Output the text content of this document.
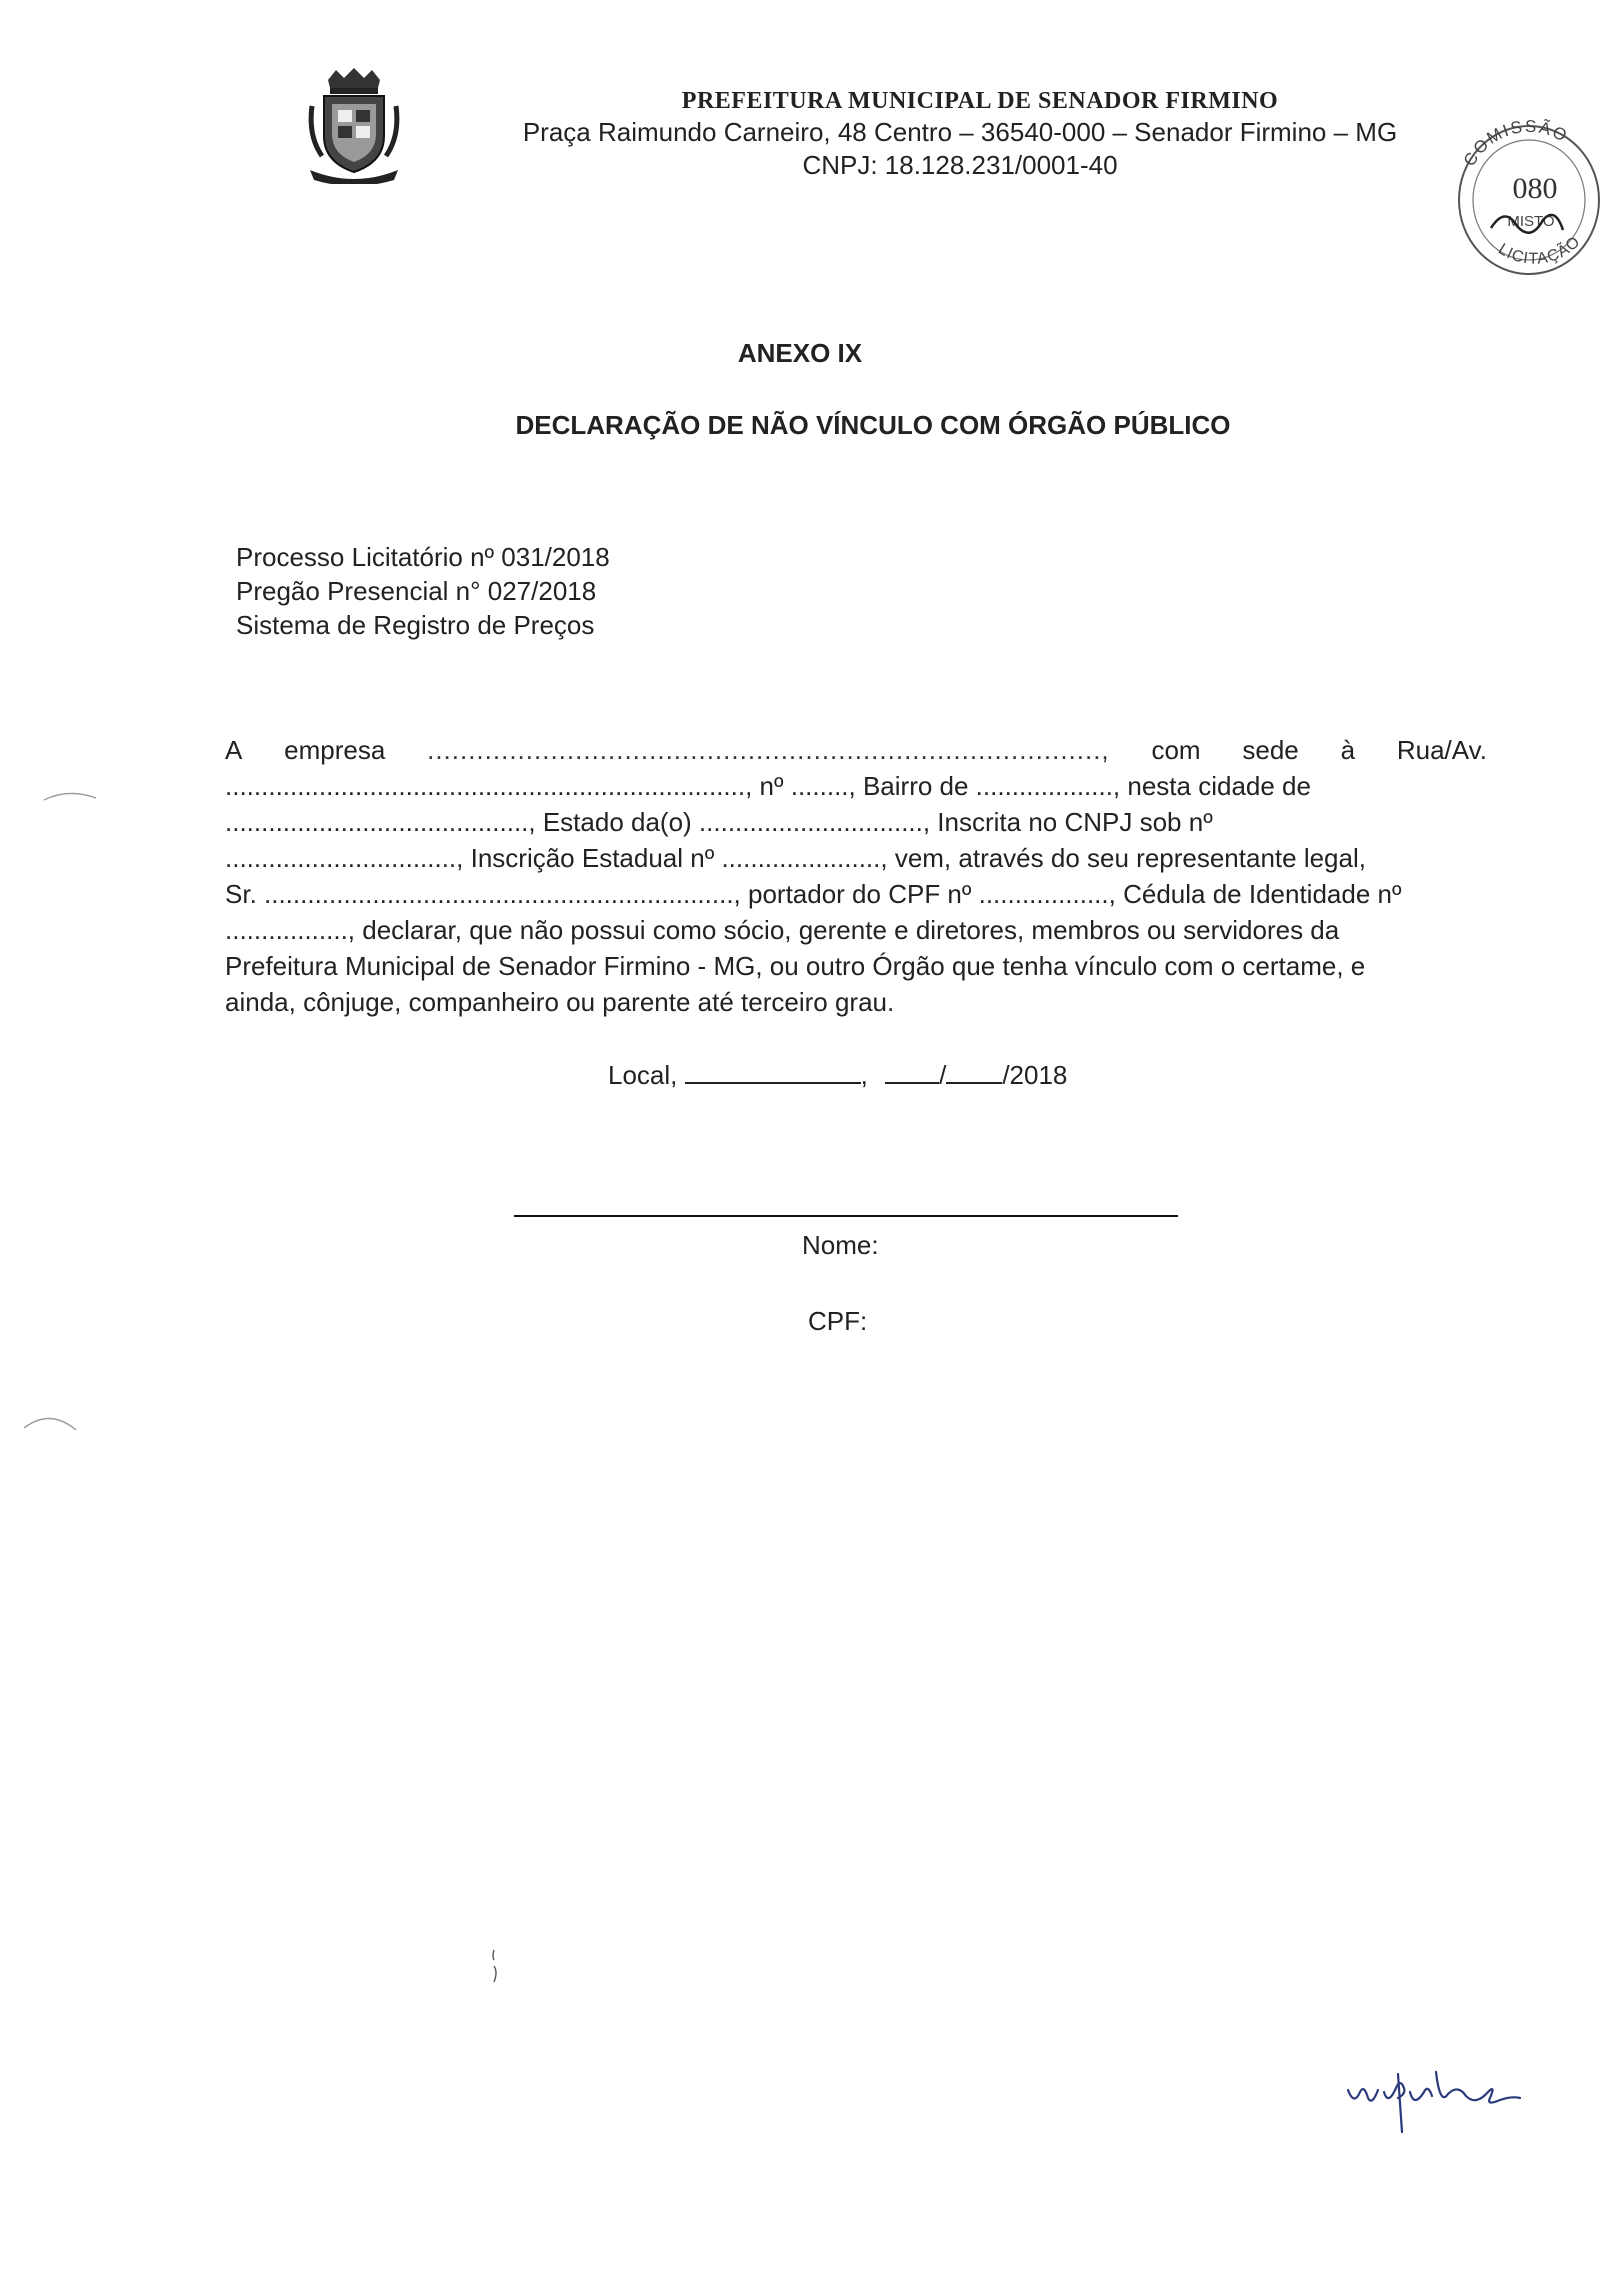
PREFEITURA MUNICIPAL DE SENADOR FIRMINO
Praça Raimundo Carneiro, 48 Centro – 36540-000 – Senador Firmino – MG
CNPJ: 18.128.231/0001-40	COMISSÃO
080
MISTO
LICITAÇÃO
ANEXO IX
DECLARAÇÃO DE NÃO VÍNCULO COM ÓRGÃO PÚBLICO
Processo Licitatório nº 031/2018
Pregão Presencial n° 027/2018
Sistema de Registro de Preços
A empresa .................................................................................., com sede à Rua/Av.
........................................................................, nº ........, Bairro de ..................., nesta cidade de
.........................................., Estado da(o) ..............................., Inscrita no CNPJ sob nº
................................, Inscrição Estadual nº ......................, vem, através do seu representante legal,
Sr. ................................................................., portador do CPF nº .................., Cédula de Identidade nº
................., declarar, que não possui como sócio, gerente e diretores, membros ou servidores da
Prefeitura Municipal de Senador Firmino - MG, ou outro Órgão que tenha vínculo com o certame, e
ainda, cônjuge, companheiro ou parente até terceiro grau.
Local,	,	/ /2018
Nome:
CPF:
